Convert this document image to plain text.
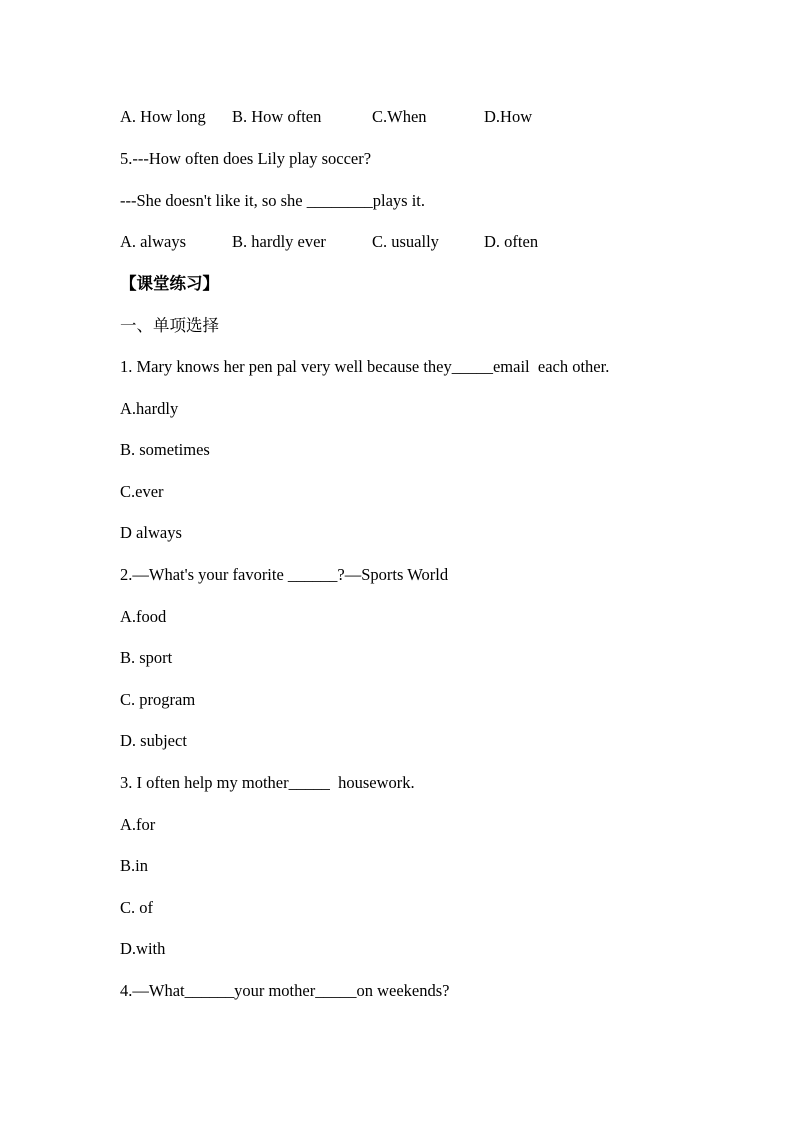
A. How long B. How often	C.When	D.How
5.---How often does Lily play soccer?
---She doesn't like it, so she ________plays it.
A. always	B. hardly ever	C. usually	D. often
【课堂练习】
一、单项选择
1. Mary knows her pen pal very well because they_____email  each other.
A.hardly
B. sometimes
C.ever
D always
2.—What's your favorite ______?—Sports World
A.food
B. sport
C. program
D. subject
3. I often help my mother_____  housework.
A.for
B.in
C. of
D.with
4.—What______your mother_____on weekends?
